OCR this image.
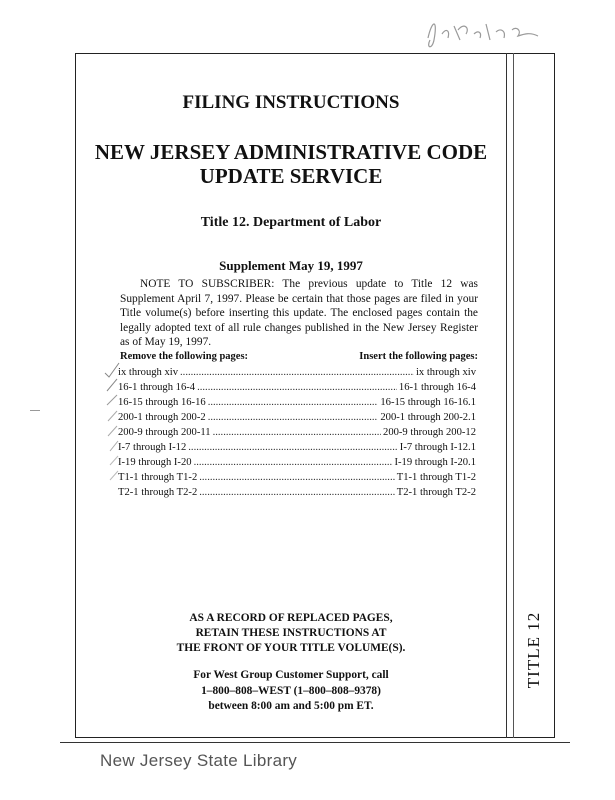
TITLE 12
FILING INSTRUCTIONS
NEW JERSEY ADMINISTRATIVE CODE
UPDATE SERVICE
Title 12. Department of Labor
Supplement May 19, 1997
NOTE TO SUBSCRIBER: The previous update to Title 12 was Supplement April 7, 1997. Please be certain that those pages are filed in your Title volume(s) before inserting this update. The enclosed pages contain the legally adopted text of all rule changes published in the New Jersey Register as of May 19, 1997.
Remove the following pages:	Insert the following pages:
ix through xiv .....	ix through xiv
16-1 through 16-4 .....	16-1 through 16-4
16-15 through 16-16 .....	16-15 through 16-16.1
200-1 through 200-2 .....	200-1 through 200-2.1
200-9 through 200-11 .....	200-9 through 200-12
I-7 through I-12 .....	I-7 through I-12.1
I-19 through I-20 .....	I-19 through I-20.1
T1-1 through T1-2 .....	T1-1 through T1-2
T2-1 through T2-2 .....	T2-1 through T2-2
AS A RECORD OF REPLACED PAGES,
RETAIN THESE INSTRUCTIONS AT
THE FRONT OF YOUR TITLE VOLUME(S).
For West Group Customer Support, call
1–800–808–WEST (1–800–808–9378)
between 8:00 am and 5:00 pm ET.
New Jersey State Library
